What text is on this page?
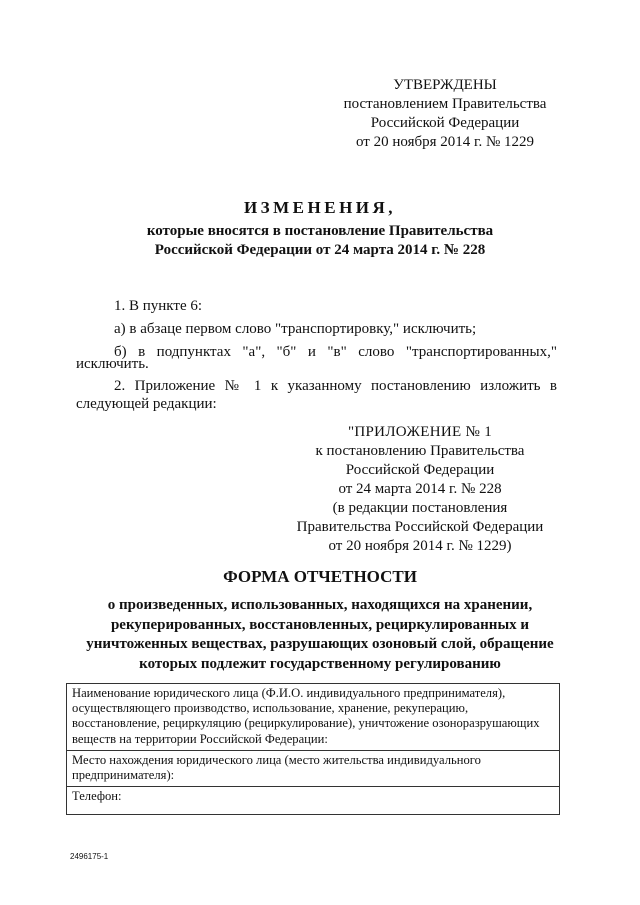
УТВЕРЖДЕНЫ
постановлением Правительства
Российской Федерации
от 20 ноября 2014 г. № 1229
ИЗМЕНЕНИЯ,
которые вносятся в постановление Правительства
Российской Федерации от 24 марта 2014 г. № 228
1. В пункте 6:
а) в абзаце первом слово "транспортировку," исключить;
б) в подпунктах "а", "б" и "в" слово "транспортированных,"
исключить.
2. Приложение № 1 к указанному постановлению изложить в
следующей редакции:
"ПРИЛОЖЕНИЕ № 1
к постановлению Правительства
Российской Федерации
от 24 марта 2014 г. № 228
(в редакции постановления
Правительства Российской Федерации
от 20 ноября 2014 г. № 1229)
ФОРМА ОТЧЕТНОСТИ
о произведенных, использованных, находящихся на хранении,
рекуперированных, восстановленных, рециркулированных и
уничтоженных веществах, разрушающих озоновый слой, обращение
которых подлежит государственному регулированию
Наименование юридического лица (Ф.И.О. индивидуального предпринимателя),
осуществляющего производство, использование, хранение, рекуперацию,
восстановление, рециркуляцию (рециркулирование), уничтожение озоноразрушающих
веществ на территории Российской Федерации:

Место нахождения юридического лица (место жительства индивидуального
предпринимателя):

Телефон:
2496175-1
